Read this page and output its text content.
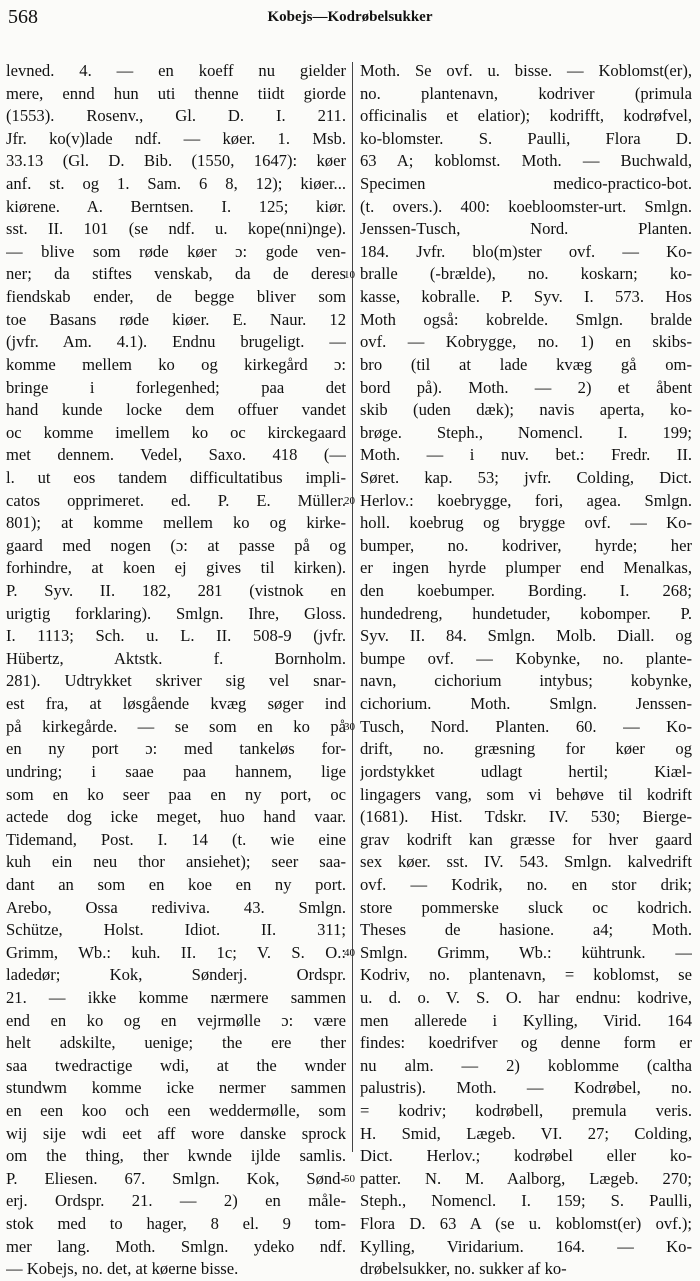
568	Kobejs—Kodrøbelsukker
levned. 4. — en koeff nu gielder
mere, ennd hun uti thenne tiidt giorde
(1553). Rosenv., Gl. D. I. 211.
Jfr. ko(v)lade ndf. — køer. 1. Msb.
33.13 (Gl. D. Bib. (1550, 1647): køer
anf. st. og 1. Sam. 6 8, 12); kiøer...
kiørene. A. Berntsen. I. 125; kiør.
sst. II. 101 (se ndf. u. kope(nni)nge).
— blive som røde køer ɔ: gode ven-
ner; da stiftes venskab, da de deres
fiendskab ender, de begge bliver som
toe Basans røde kiøer. E. Naur. 12
(jvfr. Am. 4.1). Endnu brugeligt. —
komme mellem ko og kirkegård ɔ:
bringe i forlegenhed; paa det
hand kunde locke dem offuer vandet
oc komme imellem ko oc kirckegaard
met dennem. Vedel, Saxo. 418 (—
l. ut eos tandem difficultatibus impli-
catos opprimeret. ed. P. E. Müller.
801); at komme mellem ko og kirke-
gaard med nogen (ɔ: at passe på og
forhindre, at koen ej gives til kirken).
P. Syv. II. 182, 281 (vistnok en
urigtig forklaring). Smlgn. Ihre, Gloss.
I. 1113; Sch. u. L. II. 508-9 (jvfr.
Hübertz, Aktstk. f. Bornholm.
281). Udtrykket skriver sig vel snar-
est fra, at løsgående kvæg søger ind
på kirkegårde. — se som en ko på
en ny port ɔ: med tankeløs for-
undring; i saae paa hannem, lige
som en ko seer paa en ny port, oc
actede dog icke meget, huo hand vaar.
Tidemand, Post. I. 14 (t. wie eine
kuh ein neu thor ansiehet); seer saa-
dant an som en koe en ny port.
Arebo, Ossa rediviva. 43. Smlgn.
Schütze, Holst. Idiot. II. 311;
Grimm, Wb.: kuh. II. 1c; V. S. O.:
ladedør; Kok, Sønderj. Ordspr.
21. — ikke komme nærmere sammen
end en ko og en vejrmølle ɔ: være
helt adskilte, uenige; the ere ther
saa twedractige wdi, at the wnder
stundwm komme icke nermer sammen
en een koo och een weddermølle, som
wij sije wdi eet aff wore danske sprock
om the thing, ther kwnde ijlde samlis.
P. Eliesen. 67. Smlgn. Kok, Sønd-
erj. Ordspr. 21. — 2) en måle-
stok med to hager, 8 el. 9 tom-
mer lang. Moth. Smlgn. ydeko ndf.
— Kobejs, no. det, at køerne bisse.
Moth. Se ovf. u. bisse. — Koblomst(er),
no. plantenavn, kodriver (primula
officinalis et elatior); kodrifft, kodrøfvel,
ko-blomster. S. Paulli, Flora D.
63 A; koblomst. Moth. — Buchwald,
Specimen medico-practico-bot.
(t. overs.). 400: koebloomster-urt. Smlgn.
Jenssen-Tusch, Nord. Planten.
184. Jvfr. blo(m)ster ovf. — Ko-
bralle (-brælde), no. koskarn; ko-
kasse, kobralle. P. Syv. I. 573. Hos
Moth også: kobrelde. Smlgn. bralde
ovf. — Kobrygge, no. 1) en skibs-
bro (til at lade kvæg gå om-
bord på). Moth. — 2) et åbent
skib (uden dæk); navis aperta, ko-
brøge. Steph., Nomencl. I. 199;
Moth. — i nuv. bet.: Fredr. II.
Søret. kap. 53; jvfr. Colding, Dict.
Herlov.: koebrygge, fori, agea. Smlgn.
holl. koebrug og brygge ovf. — Ko-
bumper, no. kodriver, hyrde; her
er ingen hyrde plumper end Menalkas,
den koebumper. Bording. I. 268;
hundedreng, hundetuder, kobomper. P.
Syv. II. 84. Smlgn. Molb. Diall. og
bumpe ovf. — Kobynke, no. plante-
navn, cichorium intybus; kobynke,
cichorium. Moth. Smlgn. Jenssen-
Tusch, Nord. Planten. 60. — Ko-
drift, no. græsning for køer og
jordstykket udlagt hertil; Kiæl-
lingagers vang, som vi behøve til kodrift
(1681). Hist. Tdskr. IV. 530; Biergе-
grav kodrift kan græsse for hver gaard
sex køer. sst. IV. 543. Smlgn. kalvedrift
ovf. — Kodrik, no. en stor drik;
store pommerske sluck oc kodrich.
Theses de hasione. a4; Moth.
Smlgn. Grimm, Wb.: kühtrunk. —
Kodriv, no. plantenavn, = koblomst, se
u. d. o. V. S. O. har endnu: kodrive,
men allerede i Kylling, Virid. 164
findes: koedrifver og denne form er
nu alm. — 2) koblomme (caltha
palustris). Moth. — Kodrøbel, no.
= kodriv; kodrøbell, premula veris.
H. Smid, Lægeb. VI. 27; Colding,
Dict. Herlov.; kodrøbel eller ko-
patter. N. M. Aalborg, Lægeb. 270;
Steph., Nomencl. I. 159; S. Paulli,
Flora D. 63 A (se u. koblomst(er) ovf.);
Kylling, Viridarium. 164. — Ko-
drøbelsukker, no. sukker af ko-
10
20
30
40
50
